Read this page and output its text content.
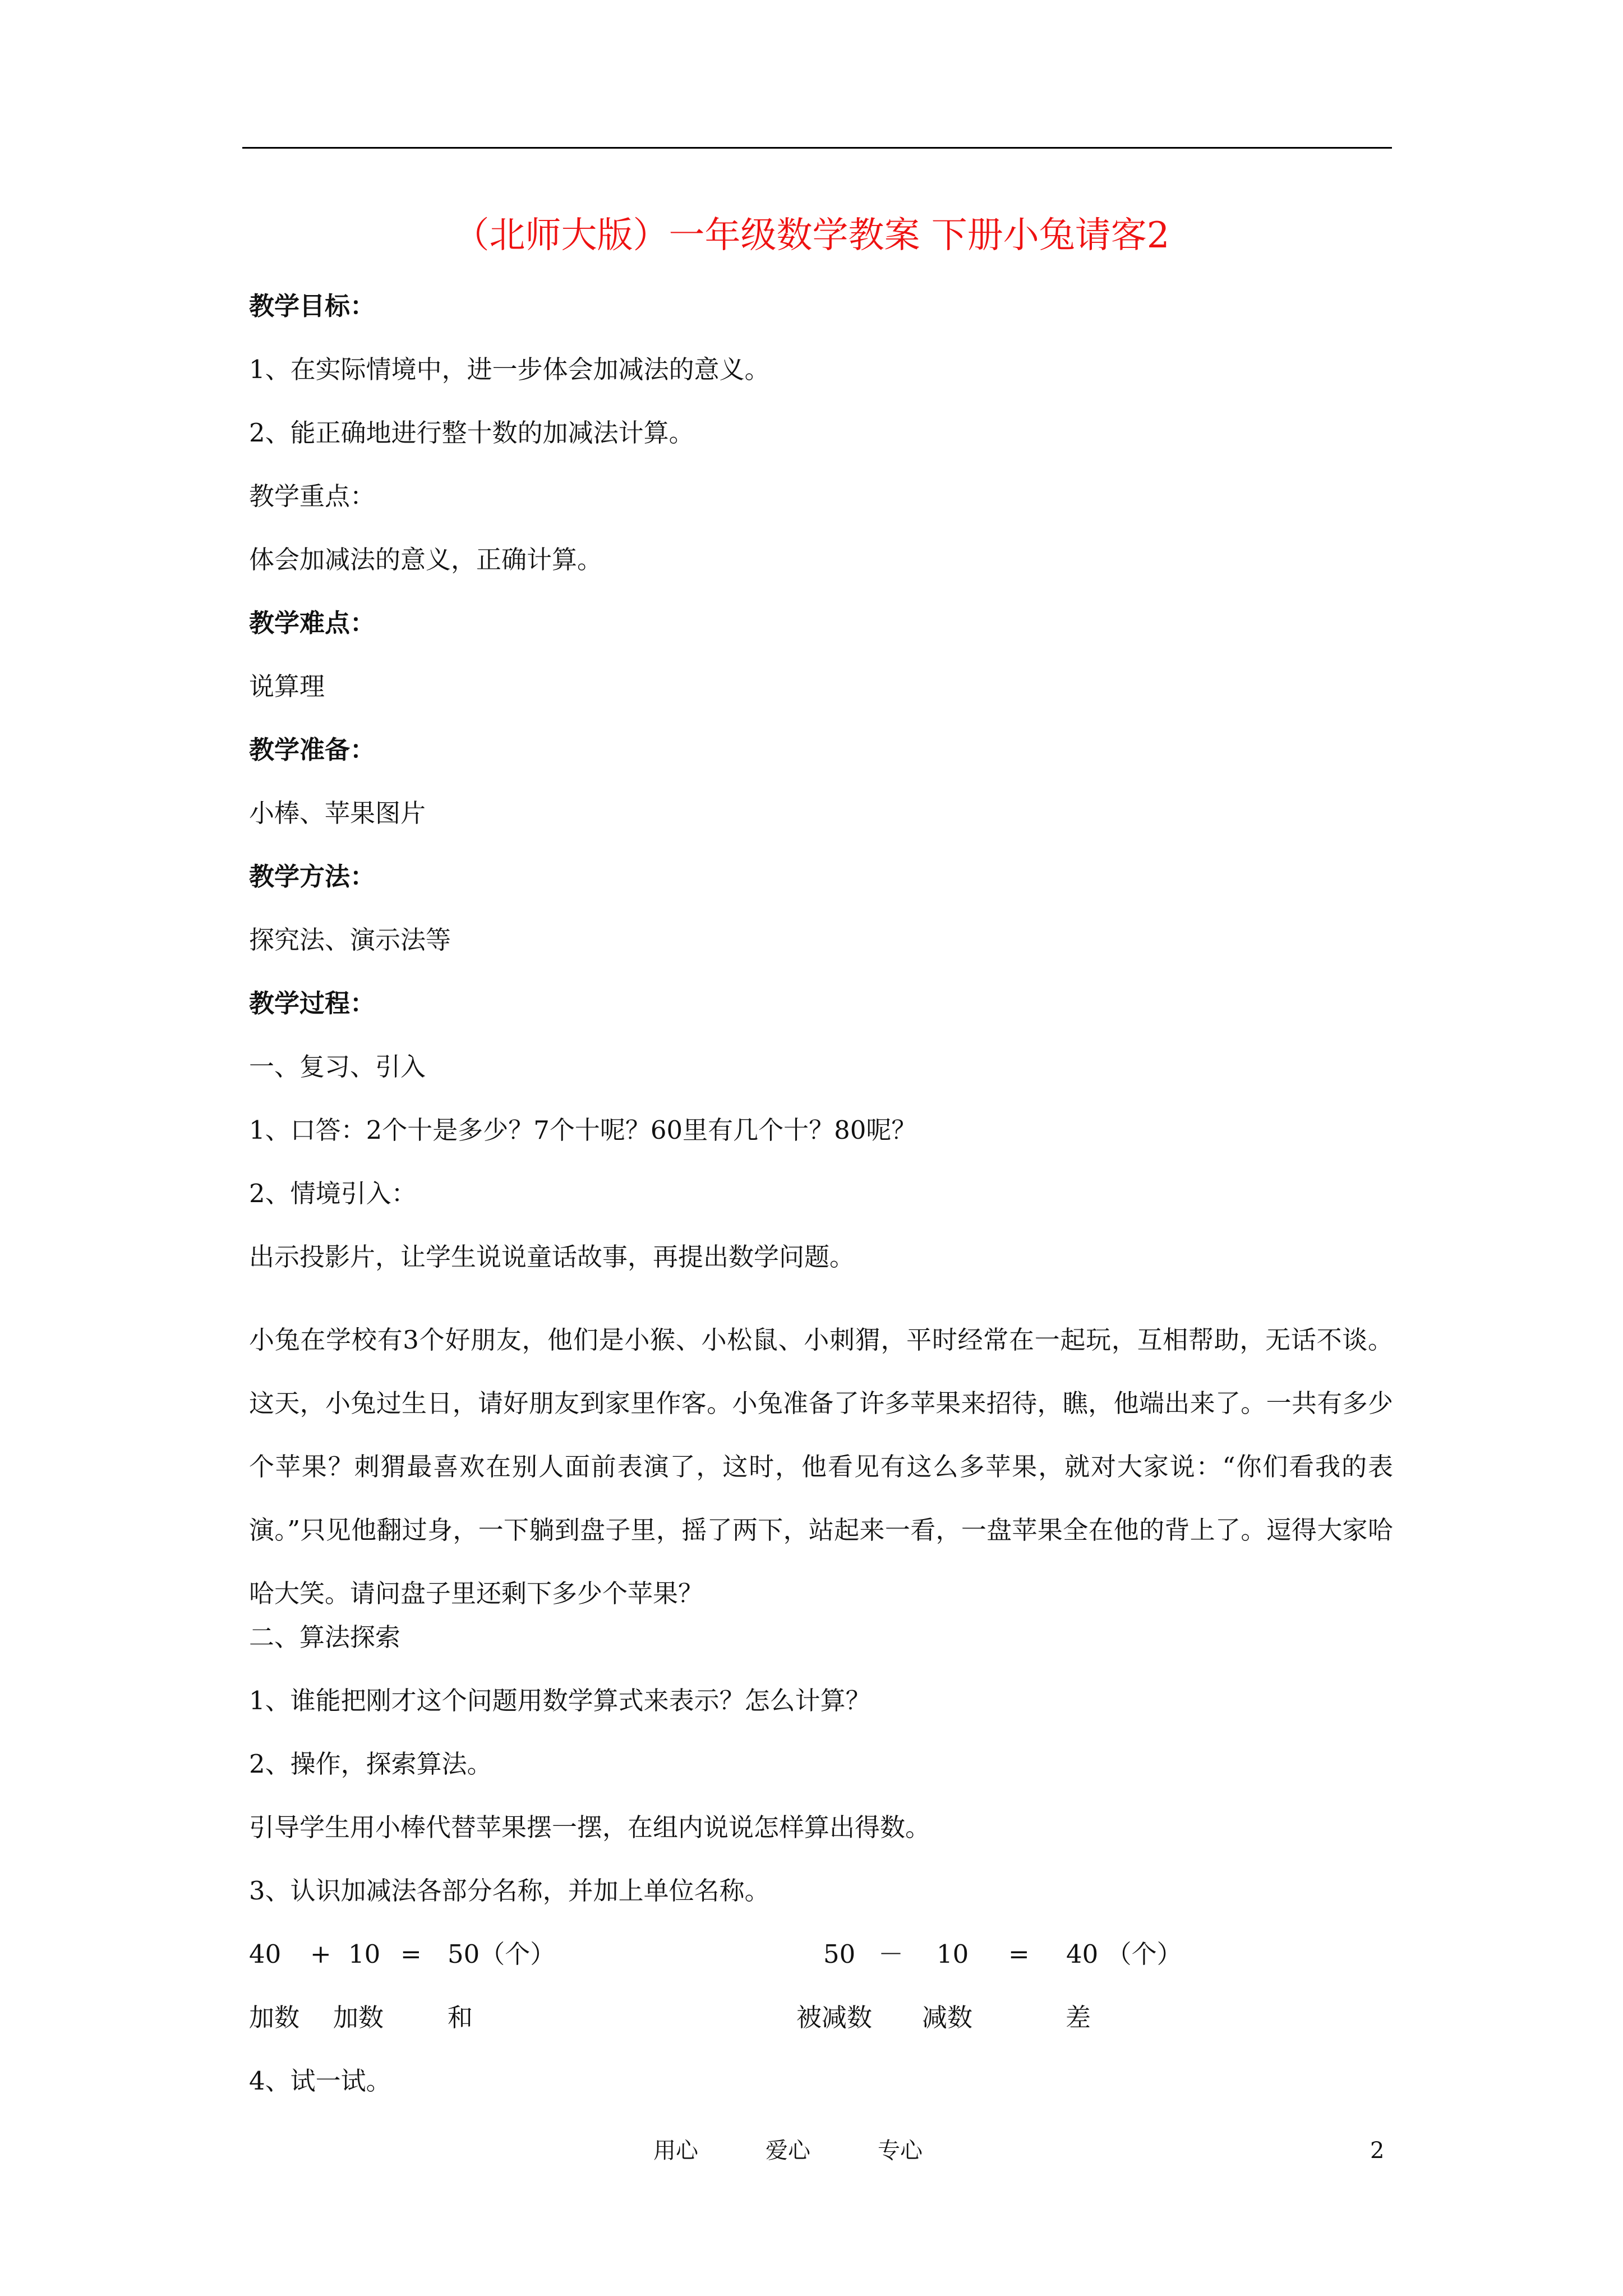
（北师大版）一年级数学教案 下册小兔请客2
教学目标：
1、在实际情境中，进一步体会加减法的意义。
2、能正确地进行整十数的加减法计算。
教学重点：
体会加减法的意义，正确计算。
教学难点：
说算理
教学准备：
小棒、苹果图片
教学方法：
探究法、演示法等
教学过程：
一、复习、引入
1、口答：2个十是多少？7个十呢？60里有几个十？80呢？
2、情境引入：
出示投影片，让学生说说童话故事，再提出数学问题。
小兔在学校有3个好朋友，他们是小猴、小松鼠、小刺猬，平时经常在一起玩，互相帮助，无话不谈。这天，小兔过生日，请好朋友到家里作客。小兔准备了许多苹果来招待，瞧，他端出来了。一共有多少个苹果？刺猬最喜欢在别人面前表演了，这时，他看见有这么多苹果，就对大家说：“你们看我的表演。”只见他翻过身，一下躺到盘子里，摇了两下，站起来一看，一盘苹果全在他的背上了。逗得大家哈哈大笑。请问盘子里还剩下多少个苹果？
二、算法探索
1、谁能把刚才这个问题用数学算式来表示？怎么计算？
2、操作，探索算法。
引导学生用小棒代替苹果摆一摆，在组内说说怎样算出得数。
3、认识加减法各部分名称，并加上单位名称。
40 + 10 = 50（个）	50 － 10 = 40 （个）
加数 加数	和	被减数 减数	差
4、试一试。
用心	爱心	专心	2
